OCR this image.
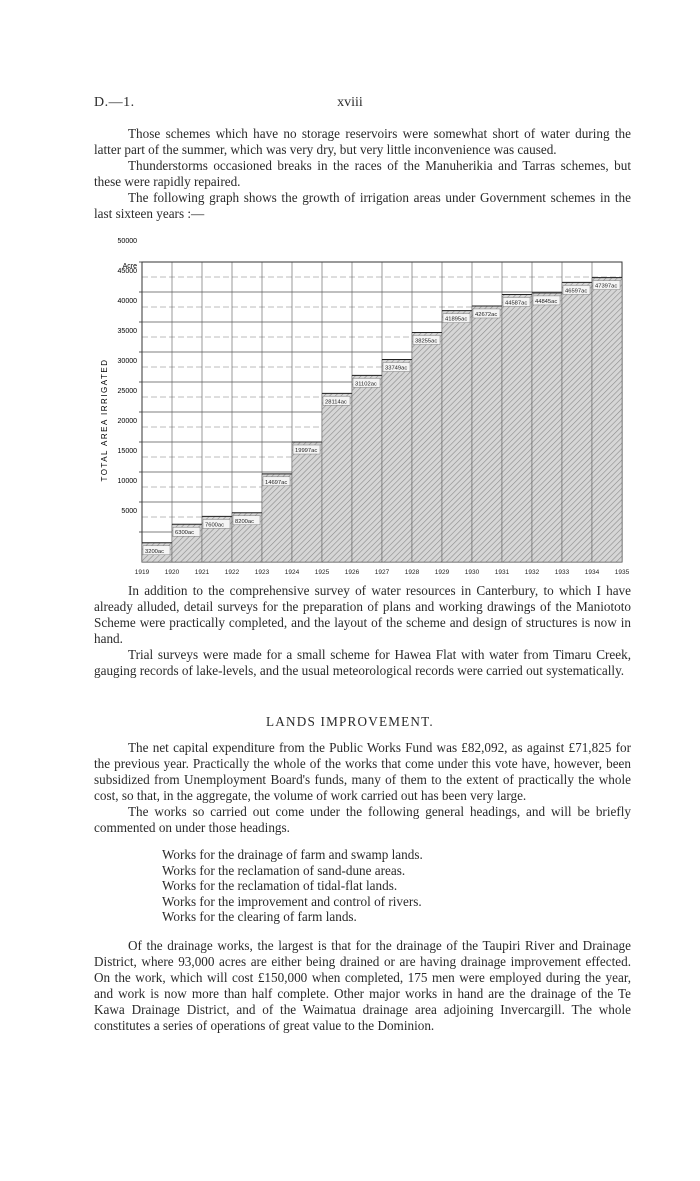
D.—1.	xviii

Those schemes which have no storage reservoirs were somewhat short of water during the latter part of the summer, which was very dry, but very little inconvenience was caused.

Thunderstorms occasioned breaks in the races of the Manuherikia and Tarras schemes, but these were rapidly repaired.

The following graph shows the growth of irrigation areas under Government schemes in the last sixteen years :—

3200ac
6300ac
7600ac
8200ac
14697ac
19997ac
28114ac
31102ac
33749ac
38255ac
41895ac
42672ac
44587ac 44845ac
46597ac
47397ac
5000
10000
15000
20000
25000
30000
35000
40000
45000
50000
Acre
TOTAL AREA IRRIGATED
1919 1920 1921 1922 1923 1924 1925 1926 1927 1928 1929 1930 1931 1932 1933 1934 1935

In addition to the comprehensive survey of water resources in Canterbury, to which I have already alluded, detail surveys for the preparation of plans and working drawings of the Maniototo Scheme were practically completed, and the layout of the scheme and design of structures is now in hand.

Trial surveys were made for a small scheme for Hawea Flat with water from Timaru Creek, gauging records of lake-levels, and the usual meteorological records were carried out systematically.

LANDS IMPROVEMENT.

The net capital expenditure from the Public Works Fund was £82,092, as against £71,825 for the previous year. Practically the whole of the works that come under this vote have, however, been subsidized from Unemployment Board's funds, many of them to the extent of practically the whole cost, so that, in the aggregate, the volume of work carried out has been very large.

The works so carried out come under the following general headings, and will be briefly commented on under those headings.

Works for the drainage of farm and swamp lands.
Works for the reclamation of sand-dune areas.
Works for the reclamation of tidal-flat lands.
Works for the improvement and control of rivers.
Works for the clearing of farm lands.

Of the drainage works, the largest is that for the drainage of the Taupiri River and Drainage District, where 93,000 acres are either being drained or are having drainage improvement effected. On the work, which will cost £150,000 when completed, 175 men were employed during the year, and work is now more than half complete. Other major works in hand are the drainage of the Te Kawa Drainage District, and of the Waimatua drainage area adjoining Invercargill. The whole constitutes a series of operations of great value to the Dominion.
